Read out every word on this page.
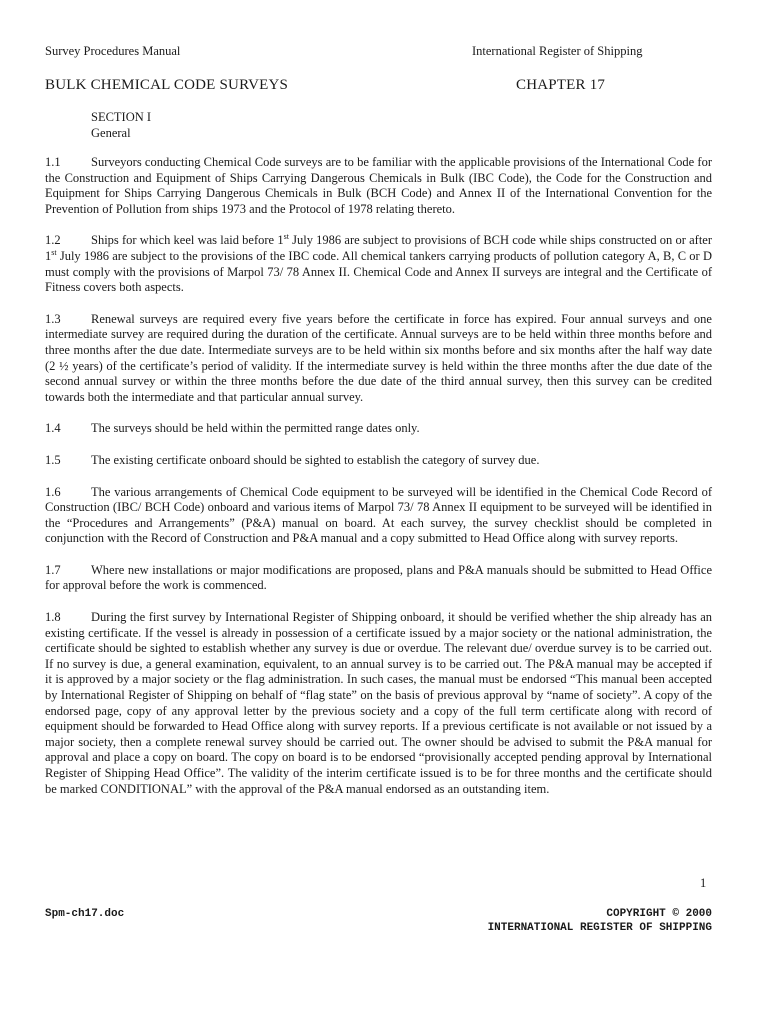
Survey Procedures Manual	International Register of Shipping
BULK CHEMICAL CODE SURVEYS	CHAPTER 17
SECTION I
General

1.1 Surveyors conducting Chemical Code surveys are to be familiar with the applicable provisions of the International Code for the Construction and Equipment of Ships Carrying Dangerous Chemicals in Bulk (IBC Code), the Code for the Construction and Equipment for Ships Carrying Dangerous Chemicals in Bulk (BCH Code) and Annex II of the International Convention for the Prevention of Pollution from ships 1973 and the Protocol of 1978 relating thereto.

1.2 Ships for which keel was laid before 1st July 1986 are subject to provisions of BCH code while ships constructed on or after 1st July 1986 are subject to the provisions of the IBC code. All chemical tankers carrying products of pollution category A, B, C or D must comply with the provisions of Marpol 73/ 78 Annex II. Chemical Code and Annex II surveys are integral and the Certificate of Fitness covers both aspects.

1.3 Renewal surveys are required every five years before the certificate in force has expired. Four annual surveys and one intermediate survey are required during the duration of the certificate. Annual surveys are to be held within three months before and three months after the due date. Intermediate surveys are to be held within six months before and six months after the half way date (2 ½ years) of the certificate’s period of validity. If the intermediate survey is held within the three months after the due date of the second annual survey or within the three months before the due date of the third annual survey, then this survey can be credited towards both the intermediate and that particular annual survey.

1.4 The surveys should be held within the permitted range dates only.

1.5 The existing certificate onboard should be sighted to establish the category of survey due.

1.6 The various arrangements of Chemical Code equipment to be surveyed will be identified in the Chemical Code Record of Construction (IBC/ BCH Code) onboard and various items of Marpol 73/ 78 Annex II equipment to be surveyed will be identified in the “Procedures and Arrangements” (P&A) manual on board. At each survey, the survey checklist should be completed in conjunction with the Record of Construction and P&A manual and a copy submitted to Head Office along with survey reports.

1.7 Where new installations or major modifications are proposed, plans and P&A manuals should be submitted to Head Office for approval before the work is commenced.

1.8 During the first survey by International Register of Shipping onboard, it should be verified whether the ship already has an existing certificate. If the vessel is already in possession of a certificate issued by a major society or the national administration, the certificate should be sighted to establish whether any survey is due or overdue. The relevant due/ overdue survey is to be carried out. If no survey is due, a general examination, equivalent, to an annual survey is to be carried out. The P&A manual may be accepted if it is approved by a major society or the flag administration. In such cases, the manual must be endorsed “This manual been accepted by International Register of Shipping on behalf of “flag state” on the basis of previous approval by “name of society”. A copy of the endorsed page, copy of any approval letter by the previous society and a copy of the full term certificate along with record of equipment should be forwarded to Head Office along with survey reports. If a previous certificate is not available or not issued by a major society, then a complete renewal survey should be carried out. The owner should be advised to submit the P&A manual for approval and place a copy on board. The copy on board is to be endorsed “provisionally accepted pending approval by International Register of Shipping Head Office”. The validity of the interim certificate issued is to be for three months and the certificate should be marked CONDITIONAL” with the approval of the P&A manual endorsed as an outstanding item.

1
Spm-ch17.doc	COPYRIGHT © 2000
INTERNATIONAL REGISTER OF SHIPPING
